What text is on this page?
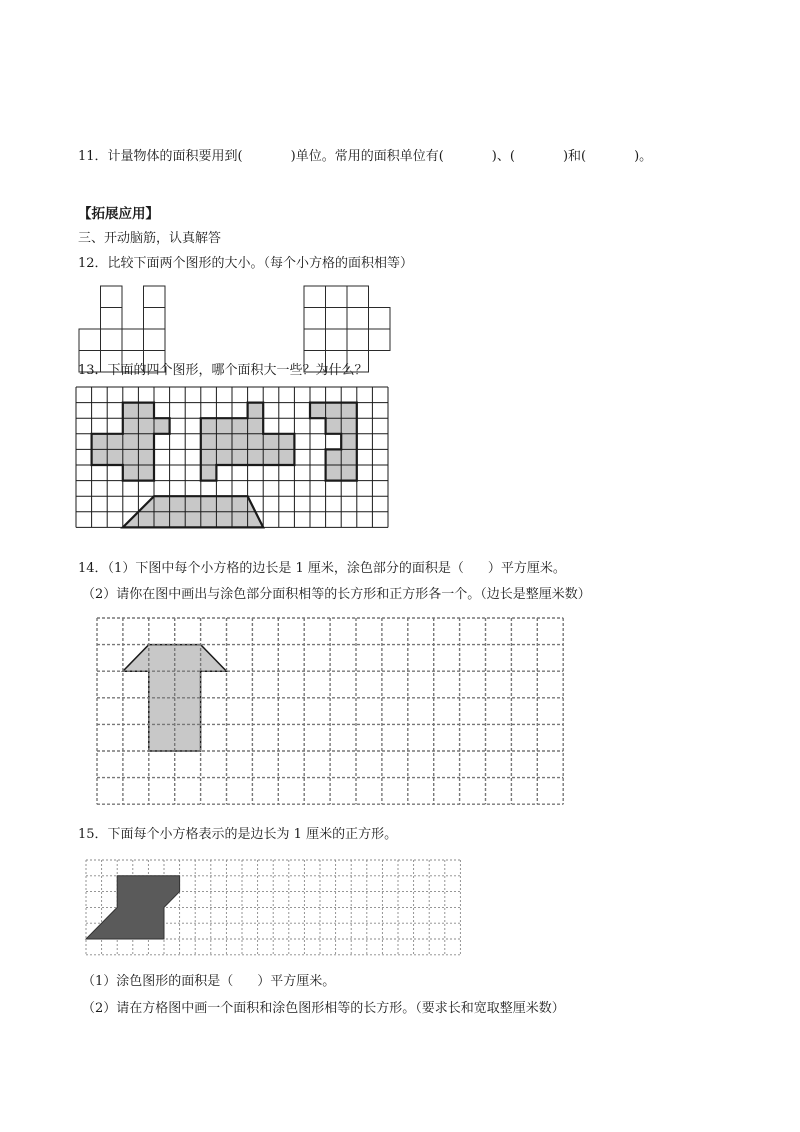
11．计量物体的面积要用到(	)单位。常用的面积单位有(	)、(	)和(	)。
【拓展应用】
三、开动脑筋，认真解答
12．比较下面两个图形的大小。（每个小方格的面积相等）
13．下面的四个图形，哪个面积大一些？为什么？
14．（1）下图中每个小方格的边长是 1 厘米，涂色部分的面积是（ ）平方厘米。
（2）请你在图中画出与涂色部分面积相等的长方形和正方形各一个。（边长是整厘米数）
15．下面每个小方格表示的是边长为 1 厘米的正方形。
（1）涂色图形的面积是（ ）平方厘米。
（2）请在方格图中画一个面积和涂色图形相等的长方形。（要求长和宽取整厘米数）
